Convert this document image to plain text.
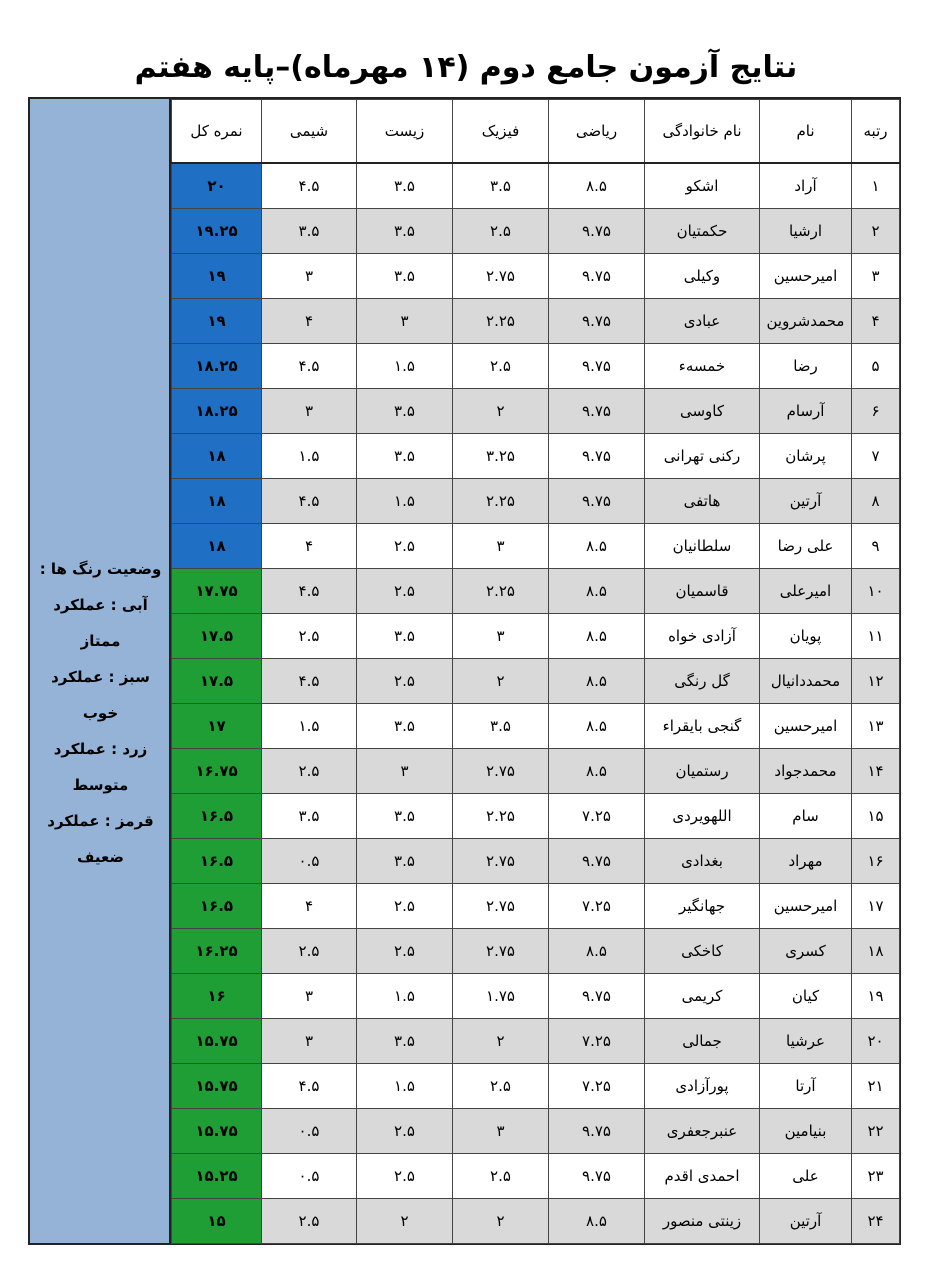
نتایج آزمون جامع دوم (۱۴ مهرماه)–پایه هفتم
وضعیت رنگ ها :
آبی : عملکرد ممتاز
سبز : عملکرد خوب
زرد : عملکرد متوسط
قرمز : عملکرد ضعیف
رتبه	نام	نام خانوادگی	ریاضی	فیزیک	زیست	شیمی	نمره کل
۱	آراد	اشکو	۸.۵	۳.۵	۳.۵	۴.۵	۲۰
۲	ارشیا	حکمتیان	۹.۷۵	۲.۵	۳.۵	۳.۵	۱۹.۲۵
۳	امیرحسین	وکیلی	۹.۷۵	۲.۷۵	۳.۵	۳	۱۹
۴	محمدشروین	عبادی	۹.۷۵	۲.۲۵	۳	۴	۱۹
۵	رضا	خمسه‌ء	۹.۷۵	۲.۵	۱.۵	۴.۵	۱۸.۲۵
۶	آرسام	کاوسی	۹.۷۵	۲	۳.۵	۳	۱۸.۲۵
۷	پرشان	رکنی تهرانی	۹.۷۵	۳.۲۵	۳.۵	۱.۵	۱۸
۸	آرتین	هاتفی	۹.۷۵	۲.۲۵	۱.۵	۴.۵	۱۸
۹	علی رضا	سلطانیان	۸.۵	۳	۲.۵	۴	۱۸
۱۰	امیرعلی	قاسمیان	۸.۵	۲.۲۵	۲.۵	۴.۵	۱۷.۷۵
۱۱	پویان	آزادی خواه	۸.۵	۳	۳.۵	۲.۵	۱۷.۵
۱۲	محمددانیال	گل رنگی	۸.۵	۲	۲.۵	۴.۵	۱۷.۵
۱۳	امیرحسین	گنجی بایقراء	۸.۵	۳.۵	۳.۵	۱.۵	۱۷
۱۴	محمدجواد	رستمیان	۸.۵	۲.۷۵	۳	۲.۵	۱۶.۷۵
۱۵	سام	اللهویردی	۷.۲۵	۲.۲۵	۳.۵	۳.۵	۱۶.۵
۱۶	مهراد	بغدادی	۹.۷۵	۲.۷۵	۳.۵	۰.۵	۱۶.۵
۱۷	امیرحسین	جهانگیر	۷.۲۵	۲.۷۵	۲.۵	۴	۱۶.۵
۱۸	کسری	کاخکی	۸.۵	۲.۷۵	۲.۵	۲.۵	۱۶.۲۵
۱۹	کیان	کریمی	۹.۷۵	۱.۷۵	۱.۵	۳	۱۶
۲۰	عرشیا	جمالی	۷.۲۵	۲	۳.۵	۳	۱۵.۷۵
۲۱	آرتا	پورآزادی	۷.۲۵	۲.۵	۱.۵	۴.۵	۱۵.۷۵
۲۲	بنیامین	عنبرجعفری	۹.۷۵	۳	۲.۵	۰.۵	۱۵.۷۵
۲۳	علی	احمدی اقدم	۹.۷۵	۲.۵	۲.۵	۰.۵	۱۵.۲۵
۲۴	آرتین	زینتی منصور	۸.۵	۲	۲	۲.۵	۱۵
